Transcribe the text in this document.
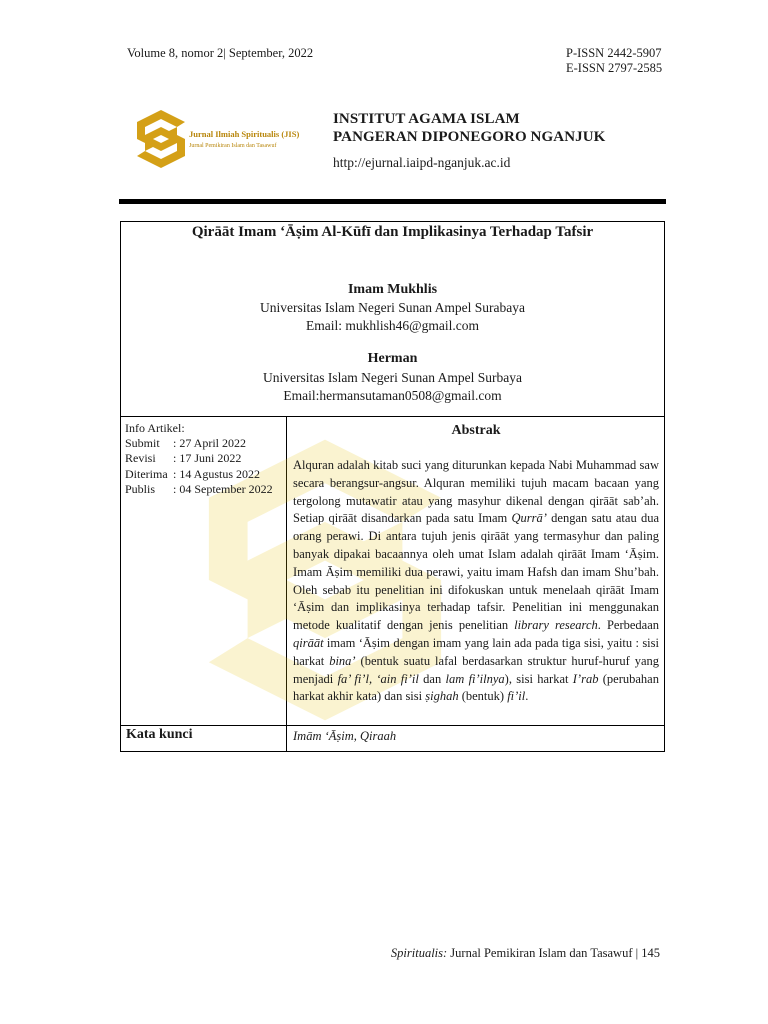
Volume 8, nomor 2| September, 2022	P-ISSN 2442-5907
E-ISSN 2797-2585
Jurnal Ilmiah Spiritualis (JIS)
Jurnal Pemikiran Islam dan Tasawuf
INSTITUT AGAMA ISLAM
PANGERAN DIPONEGORO NGANJUK
http://ejurnal.iaipd-nganjuk.ac.id
Qirāāt Imam ‘Āṣim Al-Kūfī dan Implikasinya Terhadap Tafsir
Imam Mukhlis
Universitas Islam Negeri Sunan Ampel Surabaya
Email: mukhlish46@gmail.com
Herman
Universitas Islam Negeri Sunan Ampel Surbaya
Email:hermansutaman0508@gmail.com
Info Artikel:
Submit	: 27 April 2022
Revisi	: 17 Juni 2022
Diterima	: 14 Agustus 2022
Publis	: 04 September 2022
Abstrak
Alquran adalah kitab suci yang diturunkan kepada Nabi Muhammad saw secara berangsur-angsur. Alquran memiliki tujuh macam bacaan yang tergolong mutawatir atau yang masyhur dikenal dengan qirāāt sab’ah. Setiap qirāāt disandarkan pada satu Imam Qurrā’ dengan satu atau dua orang perawi. Di antara tujuh jenis qirāāt yang termasyhur dan paling banyak dipakai bacaannya oleh umat Islam adalah qirāāt Imam ‘Āṣim. Imam Āṣim memiliki dua perawi, yaitu imam Hafsh dan imam Shu’bah. Oleh sebab itu penelitian ini difokuskan untuk menelaah qirāāt Imam ‘Āṣim dan implikasinya terhadap tafsir. Penelitian ini menggunakan metode kualitatif dengan jenis penelitian library research. Perbedaan qirāāt imam ‘Āṣim dengan imam yang lain ada pada tiga sisi, yaitu : sisi harkat bina’ (bentuk suatu lafal berdasarkan struktur huruf-huruf yang menjadi fa’ fi’l, ‘ain fi’il dan lam fi’ilnya), sisi harkat I’rab (perubahan harkat akhir kata) dan sisi ṣighah (bentuk) fi’il.
Kata kunci	Imām ‘Āṣim, Qiraah
Spiritualis: Jurnal Pemikiran Islam dan Tasawuf | 145
